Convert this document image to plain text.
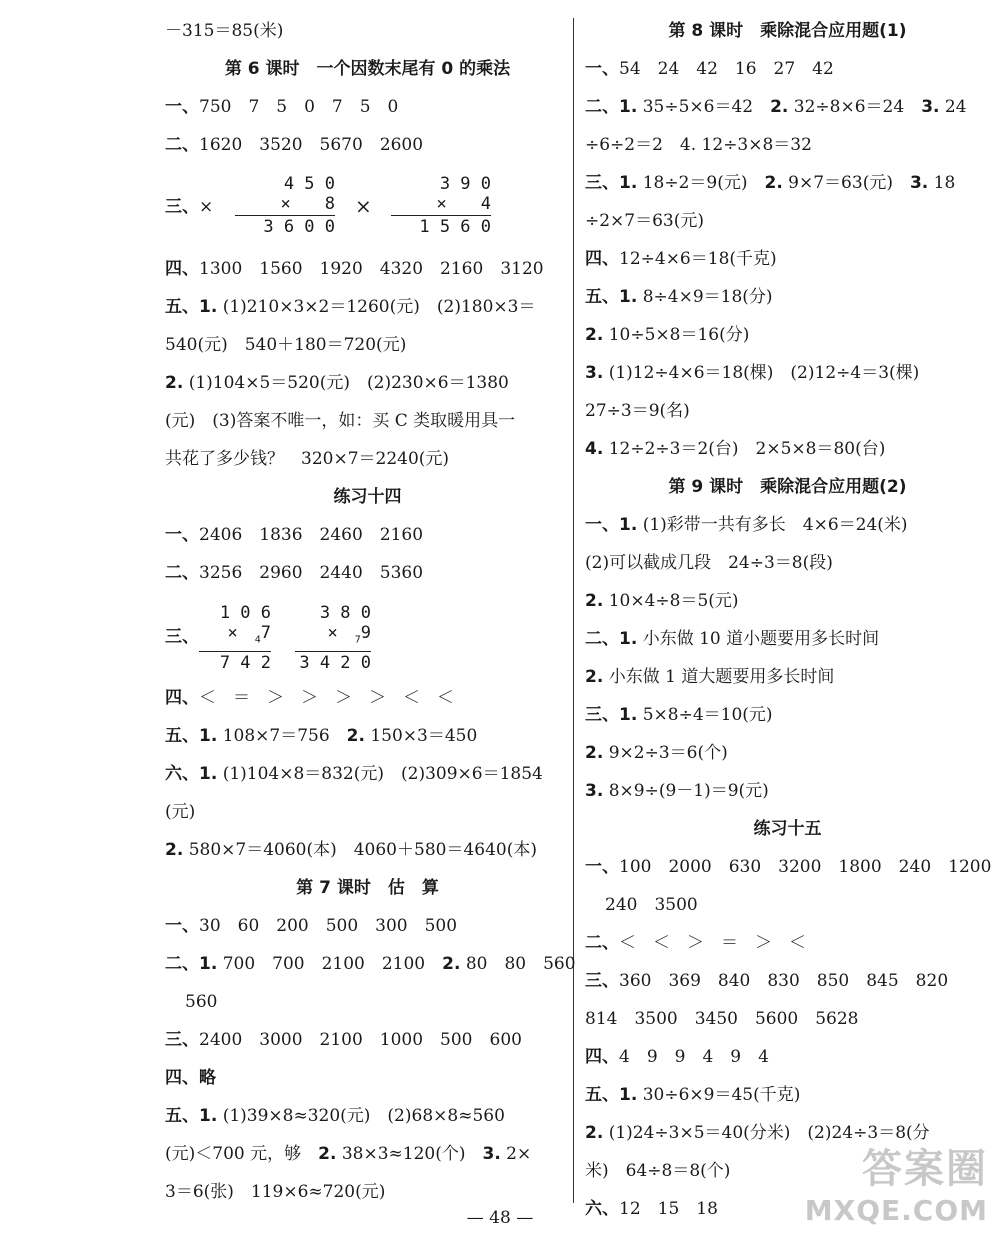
－315＝85(米)
第 6 课时　一个因数末尾有 0 的乘法
一、750　7　5　0　7　5　0
二、1620　3520　5670　2600
三、×
4 5 0
×　　8
3 6 0 0
×
3 9 0
×　　4
1 5 6 0
四、1300　1560　1920　4320　2160　3120
五、1. (1)210×3×2＝1260(元)　(2)180×3＝
540(元)　540＋180＝720(元)
2. (1)104×5＝520(元)　(2)230×6＝1380
(元)　(3)答案不唯一，如：买 C 类取暖用具一
共花了多少钱？　320×7＝2240(元)
练习十四
一、2406　1836　2460　2160
二、3256　2960　2440　5360
三、
1 0 6
×　 $_4$7
7 4 2
3 8 0
×　 $_7$9
3 4 2 0
四、＜　＝　＞　＞　＞　＞　＜　＜
五、1. 108×7＝756　2. 150×3＝450
六、1. (1)104×8＝832(元)　(2)309×6＝1854
(元)
2. 580×7＝4060(本)　4060＋580＝4640(本)
第 7 课时　估　算
一、30　60　200　500　300　500
二、1. 700　700　2100　2100　2. 80　80　560
560
三、2400　3000　2100　1000　500　600
四、略
五、1. (1)39×8≈320(元)　(2)68×8≈560
(元)＜700 元，够　2. 38×3≈120(个)　3. 2×
3＝6(张)　119×6≈720(元)
第 8 课时　乘除混合应用题(1)
一、54　24　42　16　27　42
二、1. 35÷5×6＝42　2. 32÷8×6＝24　3. 24
÷6÷2＝2　4. 12÷3×8＝32
三、1. 18÷2＝9(元)　2. 9×7＝63(元)　3. 18
÷2×7＝63(元)
四、12÷4×6＝18(千克)
五、1. 8÷4×9＝18(分)
2. 10÷5×8＝16(分)
3. (1)12÷4×6＝18(棵)　(2)12÷4＝3(棵)
27÷3＝9(名)
4. 12÷2÷3＝2(台)　2×5×8＝80(台)
第 9 课时　乘除混合应用题(2)
一、1. (1)彩带一共有多长　4×6＝24(米)
(2)可以截成几段　24÷3＝8(段)
2. 10×4÷8＝5(元)
二、1. 小东做 10 道小题要用多长时间
2. 小东做 1 道大题要用多长时间
三、1. 5×8÷4＝10(元)
2. 9×2÷3＝6(个)
3. 8×9÷(9－1)＝9(元)
练习十五
一、100　2000　630　3200　1800　240　1200
240　3500
二、＜　＜　＞　＝　＞　＜
三、360　369　840　830　850　845　820
814　3500　3450　5600　5628
四、4　9　9　4　9　4
五、1. 30÷6×9＝45(千克)
2. (1)24÷3×5＝40(分米)　(2)24÷3＝8(分
米)　64÷8＝8(个)
六、12　15　18
— 48 —
答案圈
MXQE.COM
